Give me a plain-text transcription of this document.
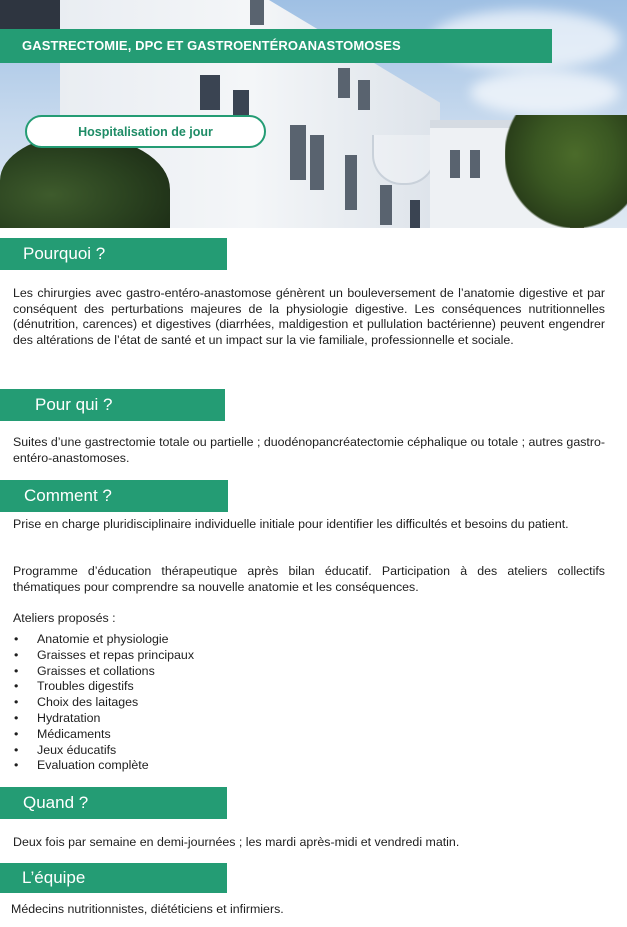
GASTRECTOMIE, DPC ET GASTROENTÉROANASTOMOSES
Hospitalisation de jour
Pourquoi ?

Les chirurgies avec gastro-entéro-anastomose génèrent un bouleversement de l’anatomie digestive et par conséquent des perturbations majeures de la physiologie digestive. Les conséquences nutritionnelles (dénutrition, carences) et digestives (diarrhées, maldigestion et pullulation bactérienne) peuvent engendrer des altérations de l’état de santé et un impact sur la vie familiale, professionnelle et sociale.

Pour qui ?

Suites d’une gastrectomie totale ou partielle ; duodénopancréatectomie céphalique ou totale ; autres gastro-entéro-anastomoses.

Comment ?

Prise en charge pluridisciplinaire individuelle initiale pour identifier les difficultés et besoins du patient.

Programme d’éducation thérapeutique après bilan éducatif. Participation à des ateliers collectifs thématiques pour comprendre sa nouvelle anatomie et les conséquences.

Ateliers proposés :

• Anatomie et physiologie
• Graisses et repas principaux
• Graisses et collations
• Troubles digestifs
• Choix des laitages
• Hydratation
• Médicaments
• Jeux éducatifs
• Evaluation complète
Quand ?

Deux fois par semaine en demi-journées ; les mardi après-midi et vendredi matin.

L’équipe

Médecins nutritionnistes, diététiciens et infirmiers.
